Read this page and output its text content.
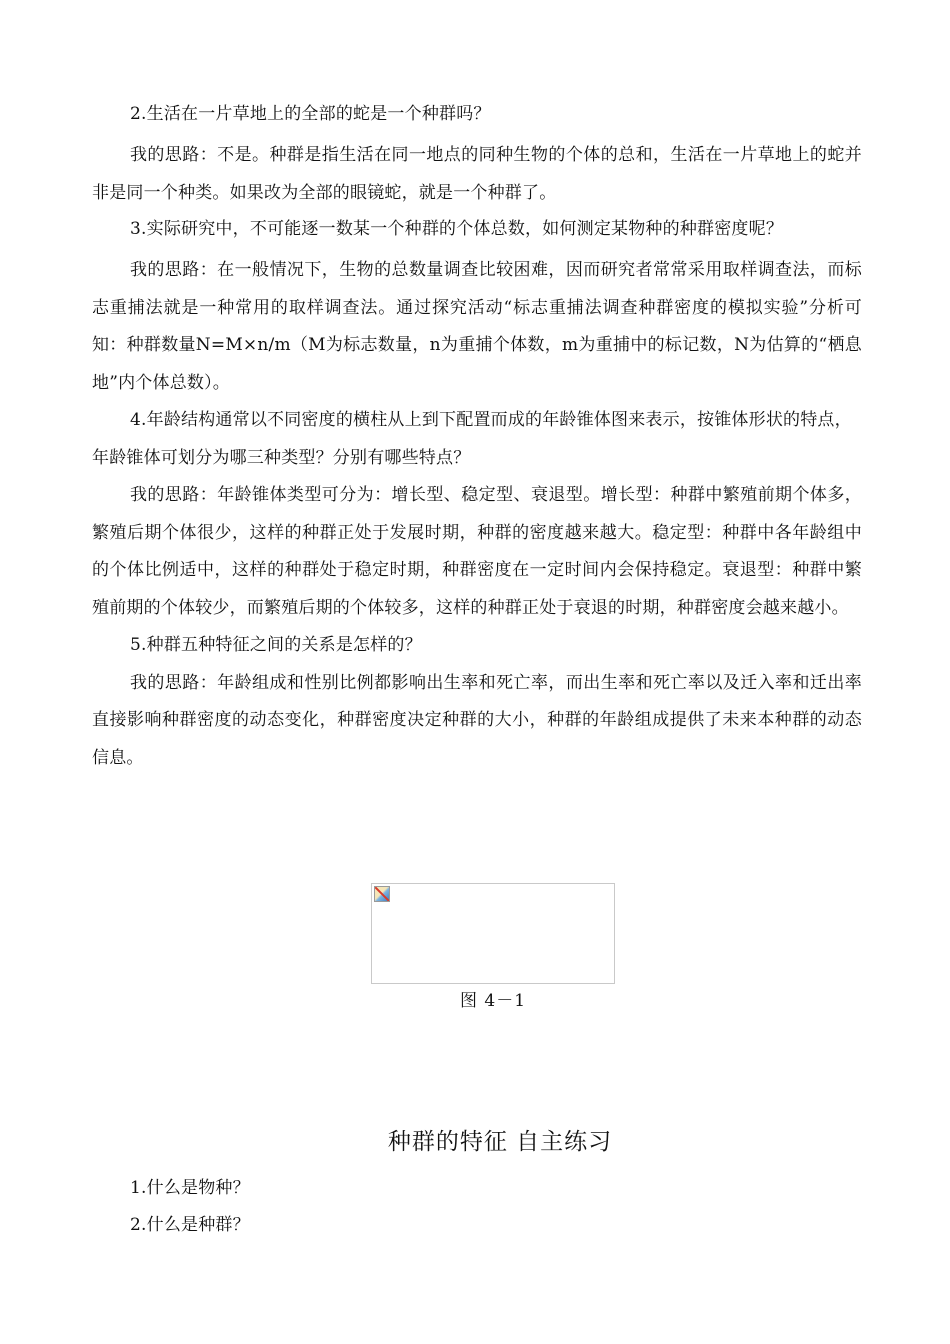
2.生活在一片草地上的全部的蛇是一个种群吗？

我的思路：不是。种群是指生活在同一地点的同种生物的个体的总和，生活在一片草地上的蛇并非是同一个种类。如果改为全部的眼镜蛇，就是一个种群了。

3.实际研究中，不可能逐一数某一个种群的个体总数，如何测定某物种的种群密度呢？

我的思路：在一般情况下，生物的总数量调查比较困难，因而研究者常常采用取样调查法，而标志重捕法就是一种常用的取样调查法。通过探究活动“标志重捕法调查种群密度的模拟实验”分析可知：种群数量N=M×n/m（M为标志数量，n为重捕个体数，m为重捕中的标记数，N为估算的“栖息地”内个体总数）。

4.年龄结构通常以不同密度的横柱从上到下配置而成的年龄锥体图来表示，按锥体形状的特点，年龄锥体可划分为哪三种类型？分别有哪些特点？

我的思路：年龄锥体类型可分为：增长型、稳定型、衰退型。增长型：种群中繁殖前期个体多，繁殖后期个体很少，这样的种群正处于发展时期，种群的密度越来越大。稳定型：种群中各年龄组中的个体比例适中，这样的种群处于稳定时期，种群密度在一定时间内会保持稳定。衰退型：种群中繁殖前期的个体较少，而繁殖后期的个体较多，这样的种群正处于衰退的时期，种群密度会越来越小。

5.种群五种特征之间的关系是怎样的？

我的思路：年龄组成和性别比例都影响出生率和死亡率，而出生率和死亡率以及迁入率和迁出率直接影响种群密度的动态变化，种群密度决定种群的大小，种群的年龄组成提供了未来本种群的动态信息。

图 4－1
种群的特征 自主练习
1.什么是物种？
2.什么是种群？
